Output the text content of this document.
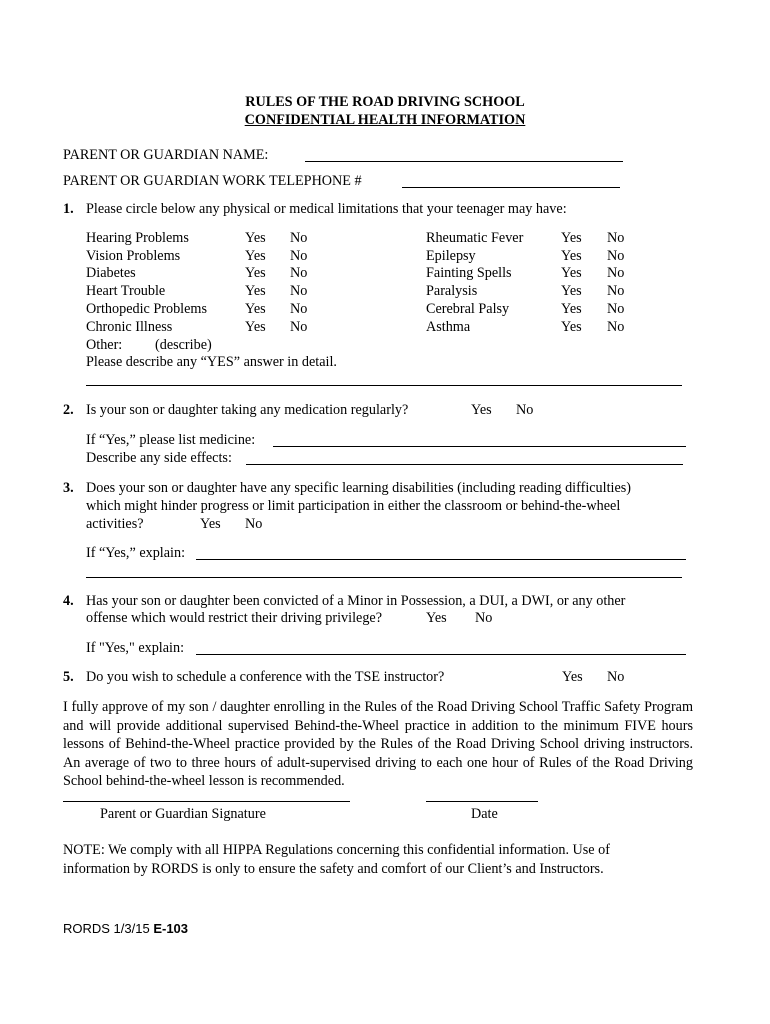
RULES OF THE ROAD DRIVING SCHOOL
CONFIDENTIAL HEALTH INFORMATION
PARENT OR GUARDIAN NAME:
PARENT OR GUARDIAN WORK TELEPHONE #
1. Please circle below any physical or medical limitations that your teenager may have:
Hearing Problems	Yes No
Vision Problems	Yes No
Diabetes	Yes No
Heart Trouble	Yes No
Orthopedic Problems	Yes No
Chronic Illness	Yes No
Rheumatic Fever	Yes No
Epilepsy	Yes No
Fainting Spells	Yes No
Paralysis	Yes No
Cerebral Palsy	Yes No
Asthma	Yes No
Other: (describe)
Please describe any “YES” answer in detail.
2. Is your son or daughter taking any medication regularly?	Yes No
If “Yes,” please list medicine:
Describe any side effects:
3. Does your son or daughter have any specific learning disabilities (including reading difficulties)
which might hinder progress or limit participation in either the classroom or behind-the-wheel
activities?	Yes No
If “Yes,” explain:
4. Has your son or daughter been convicted of a Minor in Possession, a DUI, a DWI, or any other
offense which would restrict their driving privilege?	Yes No
If "Yes," explain:
5. Do you wish to schedule a conference with the TSE instructor?	Yes No
I fully approve of my son / daughter enrolling in the Rules of the Road Driving School Traffic Safety Program and will provide additional supervised Behind-the-Wheel practice in addition to the minimum FIVE hours lessons of Behind-the-Wheel practice provided by the Rules of the Road Driving School driving instructors. An average of two to three hours of adult-supervised driving to each one hour of Rules of the Road Driving School behind-the-wheel lesson is recommended.
Parent or Guardian Signature	Date
NOTE: We comply with all HIPPA Regulations concerning this confidential information. Use of information by RORDS is only to ensure the safety and comfort of our Client’s and Instructors.
RORDS 1/3/15 E-103
